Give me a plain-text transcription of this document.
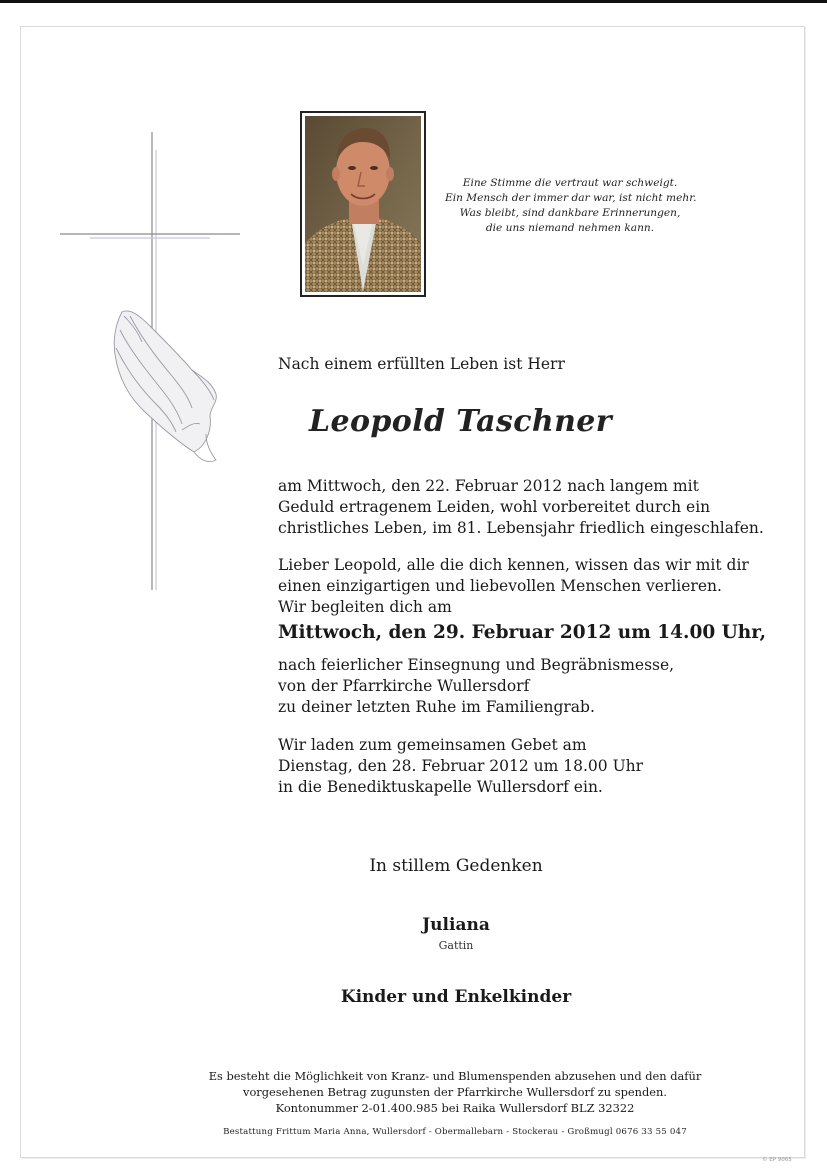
Eine Stimme die vertraut war schweigt.
Ein Mensch der immer dar war, ist nicht mehr.
Was bleibt, sind dankbare Erinnerungen,
die uns niemand nehmen kann.
Nach einem erfüllten Leben ist Herr
Leopold Taschner
am Mittwoch, den 22. Februar 2012 nach langem mit
Geduld ertragenem Leiden, wohl vorbereitet durch ein
christliches Leben, im 81. Lebensjahr friedlich eingeschlafen.
Lieber Leopold, alle die dich kennen, wissen das wir mit dir
einen einzigartigen und liebevollen Menschen verlieren.
Wir begleiten dich am
Mittwoch, den 29. Februar 2012 um 14.00 Uhr,
nach feierlicher Einsegnung und Begräbnismesse,
von der Pfarrkirche Wullersdorf
zu deiner letzten Ruhe im Familiengrab.
Wir laden zum gemeinsamen Gebet am
Dienstag, den 28. Februar 2012 um 18.00 Uhr
in die Benediktuskapelle Wullersdorf ein.
In stillem Gedenken
Juliana
Gattin
Kinder und Enkelkinder
Es besteht die Möglichkeit von Kranz- und Blumenspenden abzusehen und den dafür
vorgesehenen Betrag zugunsten der Pfarrkirche Wullersdorf zu spenden.
Kontonummer 2-01.400.985 bei Raika Wullersdorf BLZ 32322
Bestattung Frittum Maria Anna, Wullersdorf - Obermallebarn - Stockerau - Großmugl 0676 33 55 047
© EP 9065
